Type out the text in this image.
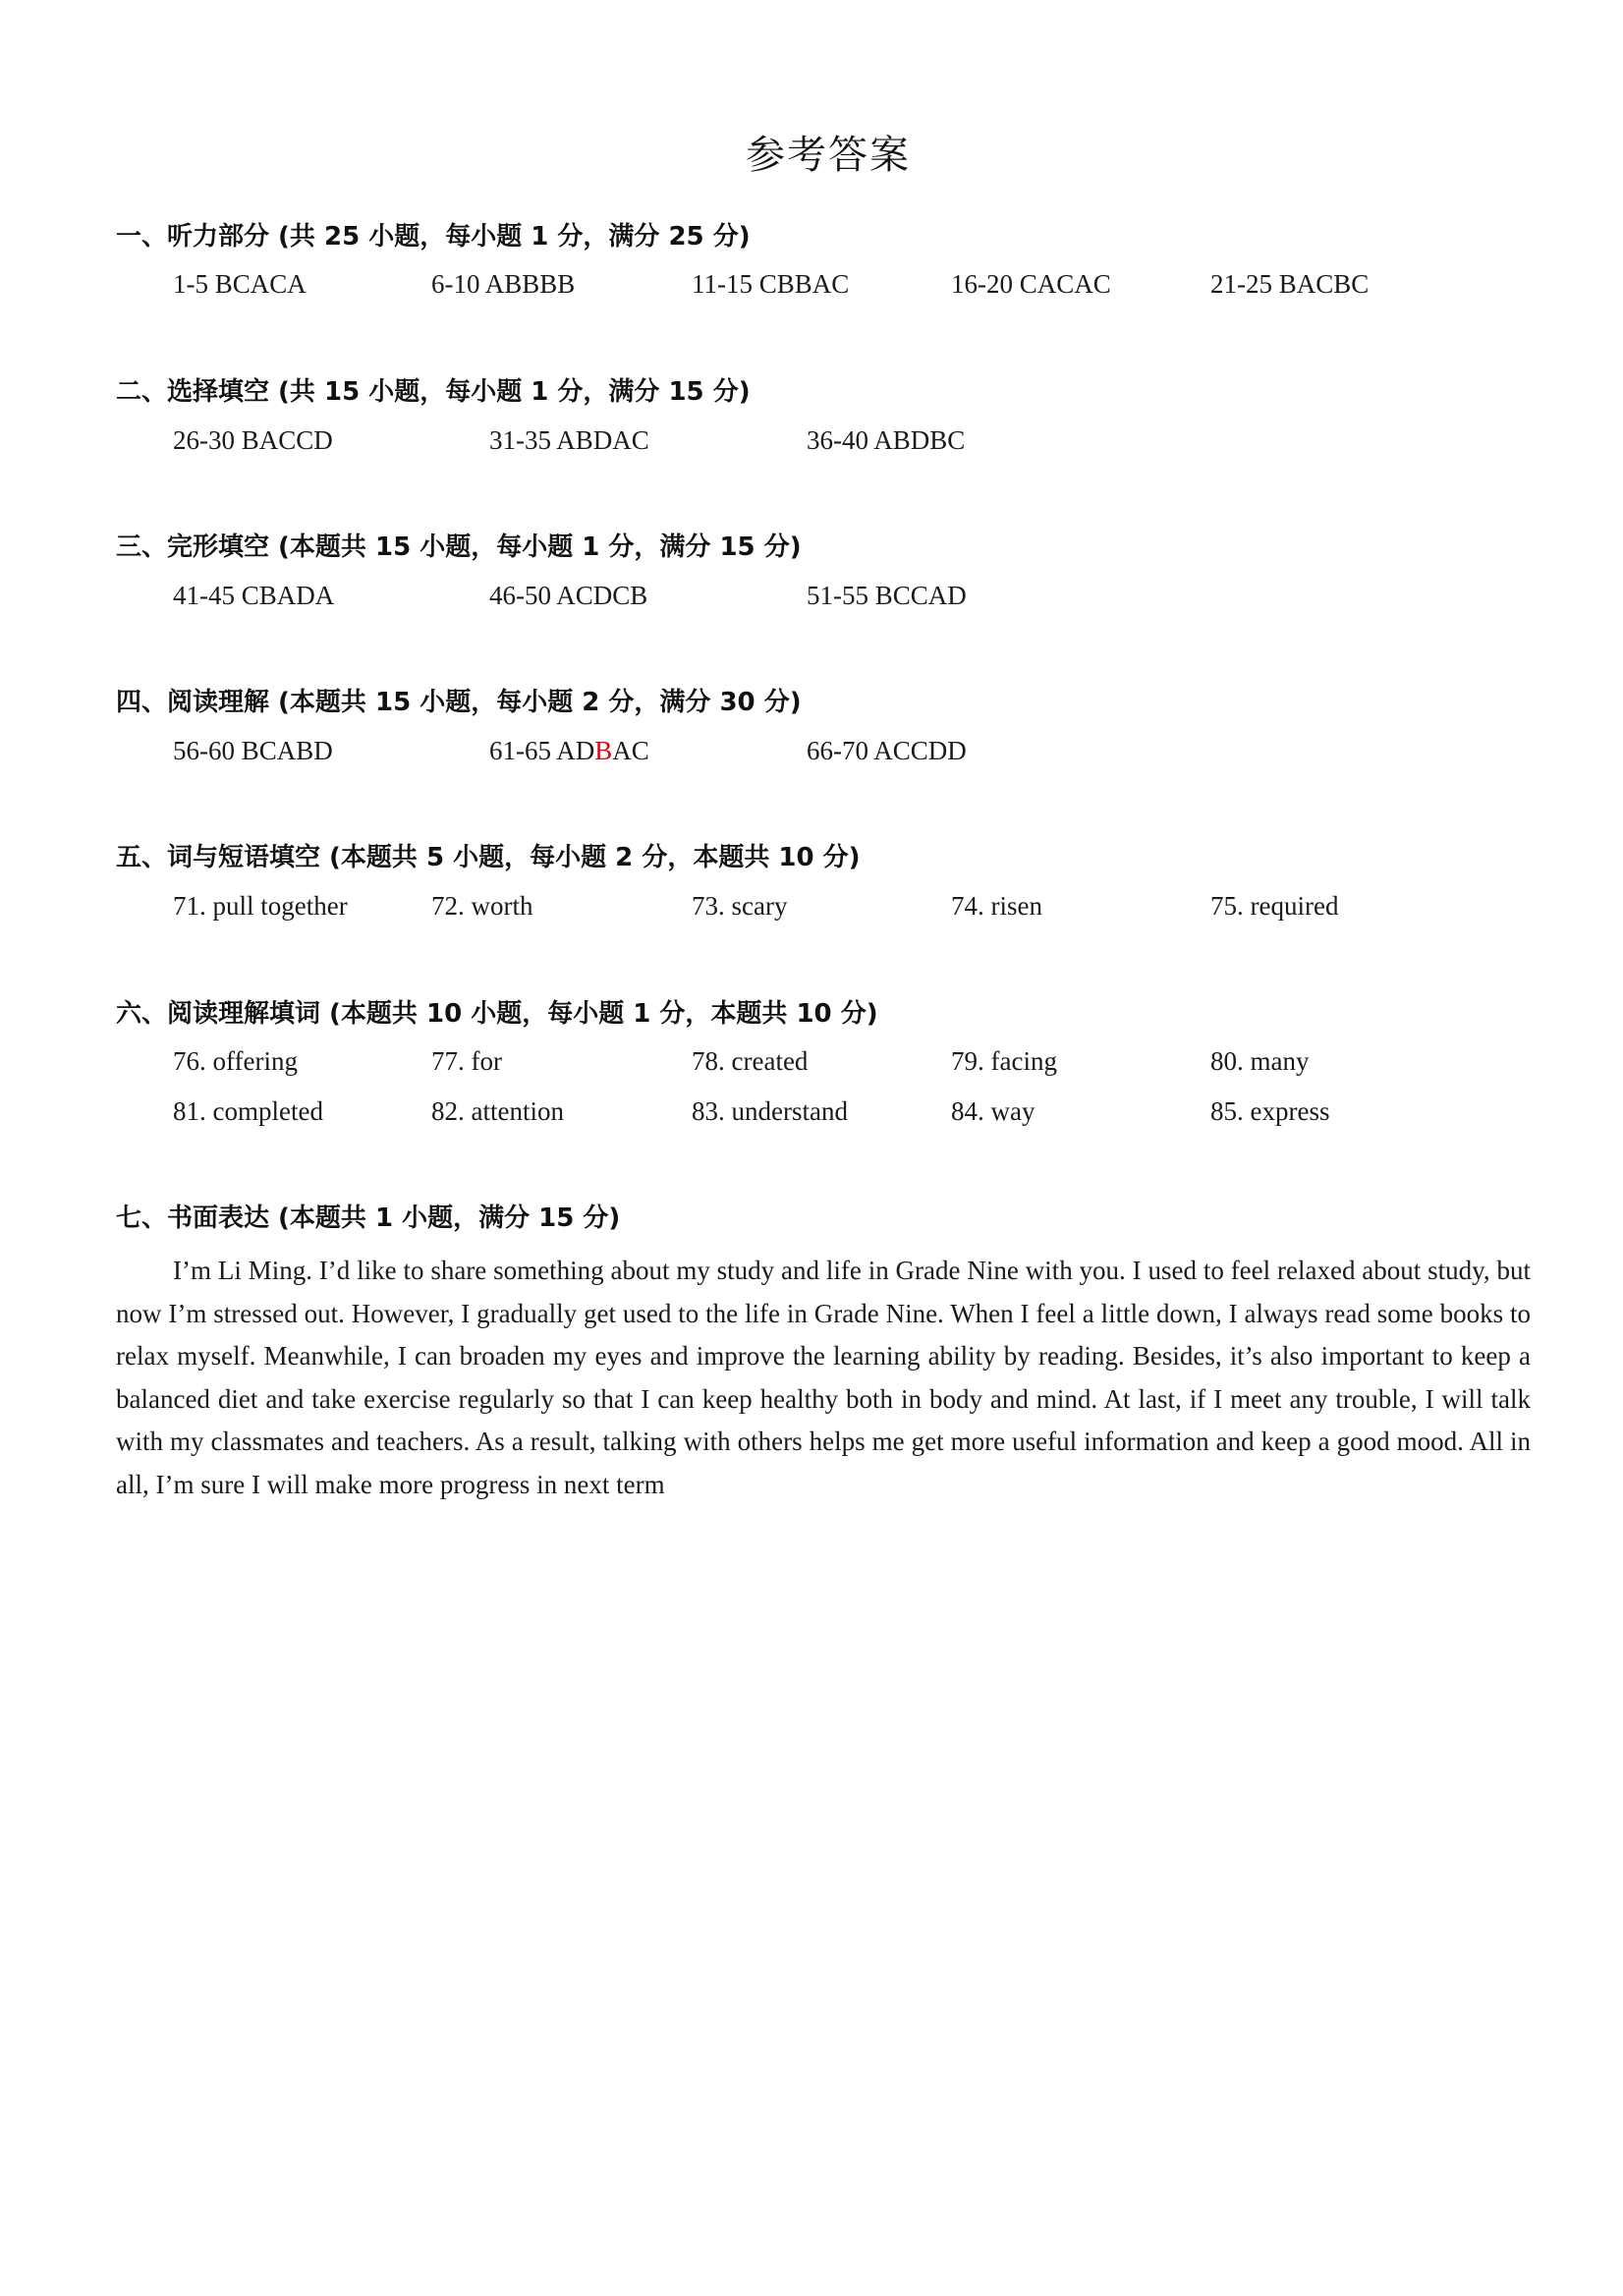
参考答案
一、听力部分 (共 25 小题，每小题 1 分，满分 25 分)
1-5 BCACA	6-10 ABBBB	11-15 CBBAC	16-20 CACAC	21-25 BACBC
二、选择填空 (共 15 小题，每小题 1 分，满分 15 分)
26-30 BACCD	31-35 ABDAC	36-40 ABDBC
三、完形填空 (本题共 15 小题，每小题 1 分，满分 15 分)
41-45 CBADA	46-50 ACDCB	51-55 BCCAD
四、阅读理解 (本题共 15 小题，每小题 2 分，满分 30 分)
56-60 BCABD	61-65 ADBAC	66-70 ACCDD
五、词与短语填空 (本题共 5 小题，每小题 2 分，本题共 10 分)
71. pull together	72. worth	73. scary	74. risen	75. required
六、阅读理解填词 (本题共 10 小题，每小题 1 分，本题共 10 分)
76. offering	77. for	78. created	79. facing	80. many
81. completed	82. attention	83. understand	84. way	85. express
七、书面表达 (本题共 1 小题，满分 15 分)
I’m Li Ming. I’d like to share something about my study and life in Grade Nine with you. I used to feel relaxed about study, but now I’m stressed out. However, I gradually get used to the life in Grade Nine. When I feel a little down, I always read some books to relax myself. Meanwhile, I can broaden my eyes and improve the learning ability by reading. Besides, it’s also important to keep a balanced diet and take exercise regularly so that I can keep healthy both in body and mind. At last, if I meet any trouble, I will talk with my classmates and teachers. As a result, talking with others helps me get more useful information and keep a good mood. All in all, I’m sure I will make more progress in next term
